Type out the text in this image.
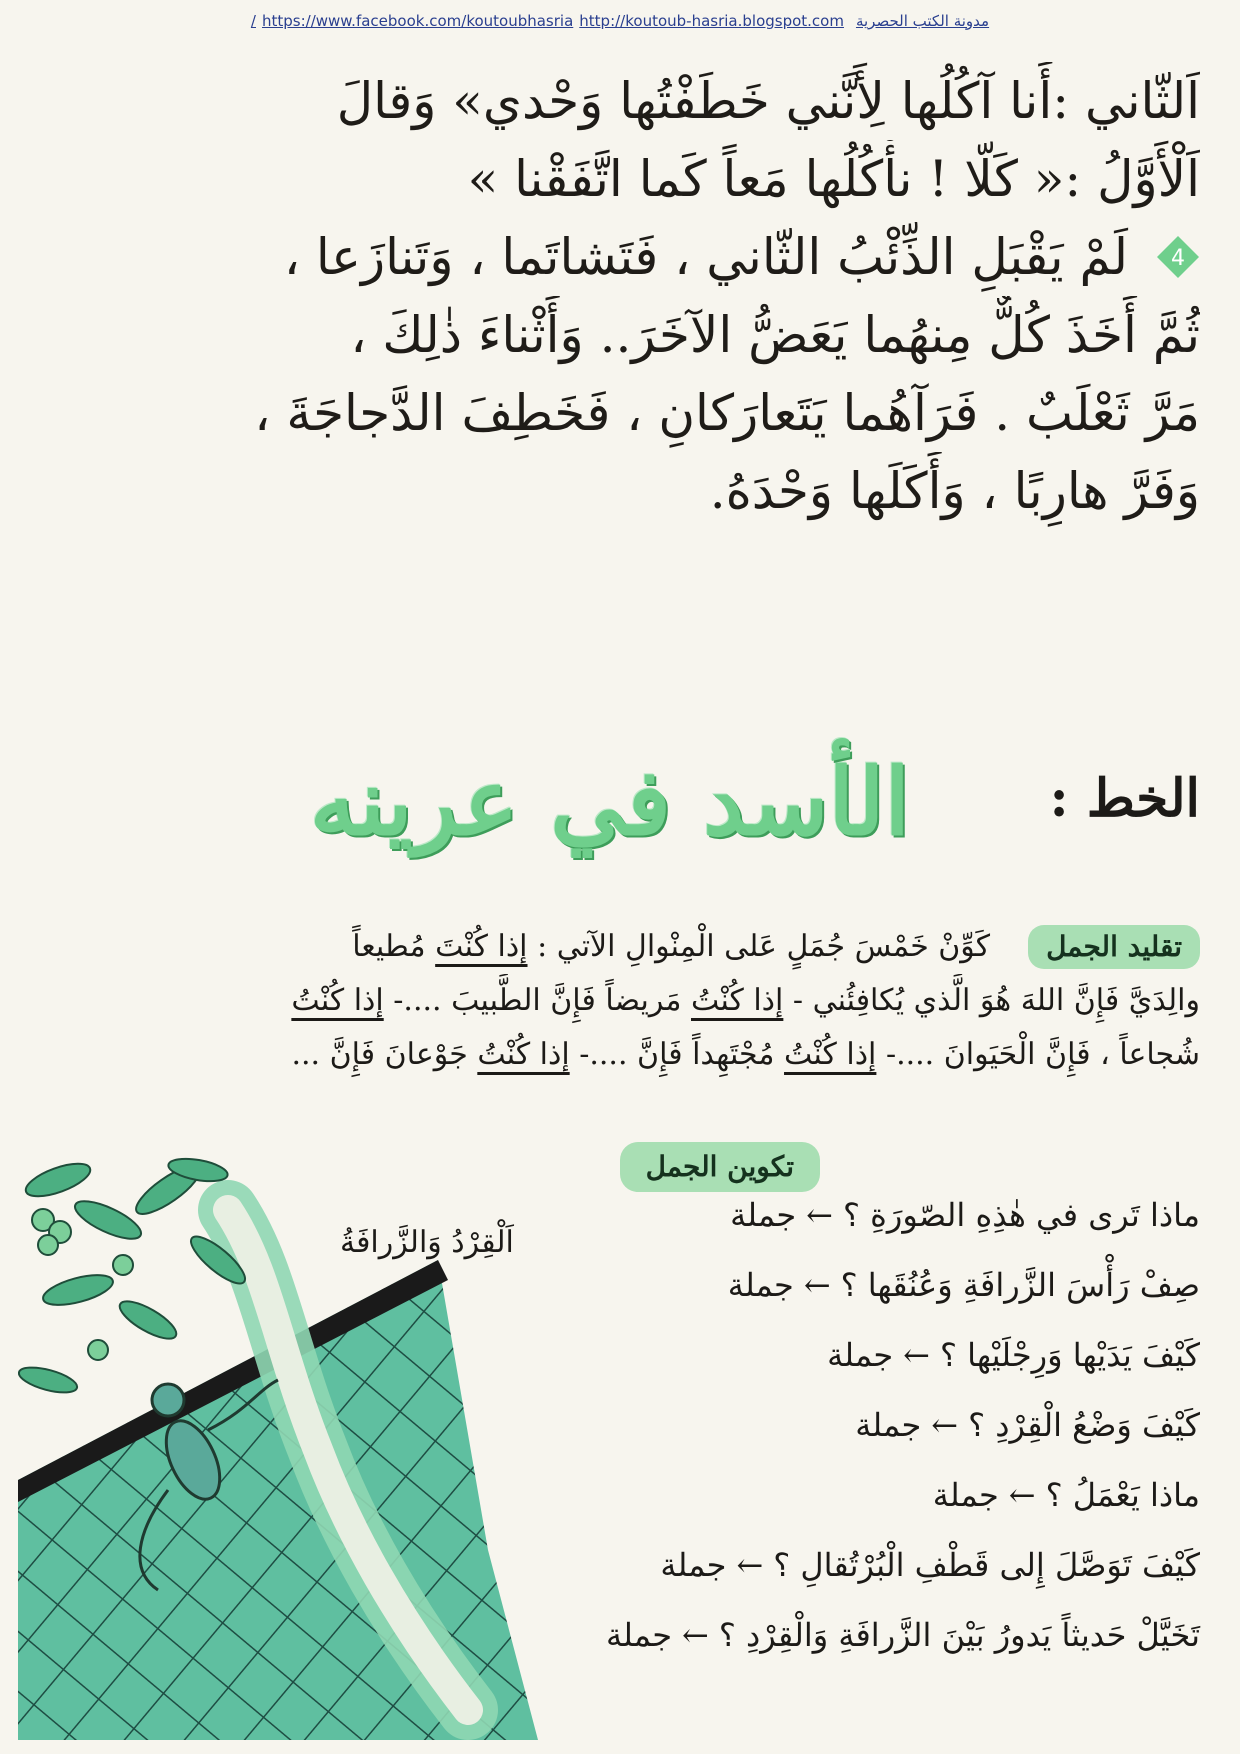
مدونة الكتب الحصريةhttps://www.facebook.com/koutoubhasriahttp://koutoub-hasria.blogspot.com/
اَلثّاني :أَنا آكُلُها لِأَنَّني خَطَفْتُها وَحْدي» وَقالَ
اَلْأَوَّلُ :« كَلّا ! نأْكُلُها مَعاً كَما اتَّفَقْنا »
4
لَمْ يَقْبَلِ الذِّئْبُ الثّاني ، فَتَشاتَما ، وَتَنازَعا ،
ثُمَّ أَخَذَ كُلٌّ مِنهُما يَعَضُّ الآخَرَ.. وَأَثْناءَ ذٰلِكَ ،
مَرَّ ثَعْلَبٌ . فَرَآهُما يَتَعارَكانِ ، فَخَطِفَ الدَّجاجَةَ ،
وَفَرَّ هارِبًا ، وَأَكَلَها وَحْدَهُ.
الخط :
الأسد في عرينه
تقليد الجملكَوِّنْ خَمْسَ جُمَلٍ عَلى الْمِنْوالِ الآتي : إذا كُنْتَ مُطيعاً
والِدَيَّ فَإِنَّ اللهَ هُوَ الَّذي يُكافِئُني - إذا كُنْتُ مَريضاً فَإِنَّ الطَّبيبَ ....- إذا كُنْتُ
شُجاعاً ، فَإِنَّ الْحَيَوانَ ....- إذا كُنْتُ مُجْتَهِداً فَإِنَّ ....- إذا كُنْتُ جَوْعانَ فَإِنَّ ...
تكوين الجمل
اَلْقِرْدُ وَالزَّرافَةُ
ماذا تَرى في هٰذِهِ الصّورَةِ ؟←جملة
صِفْ رَأْسَ الزَّرافَةِ وَعُنُقَها ؟←جملة
كَيْفَ يَدَيْها وَرِجْلَيْها ؟←جملة
كَيْفَ وَضْعُ الْقِرْدِ ؟←جملة
ماذا يَعْمَلُ ؟←جملة
كَيْفَ تَوَصَّلَ إِلى قَطْفِ الْبُرْتُقالِ ؟←جملة
تَخَيَّلْ حَديثاً يَدورُ بَيْنَ الزَّرافَةِ وَالْقِرْدِ ؟←جملة
